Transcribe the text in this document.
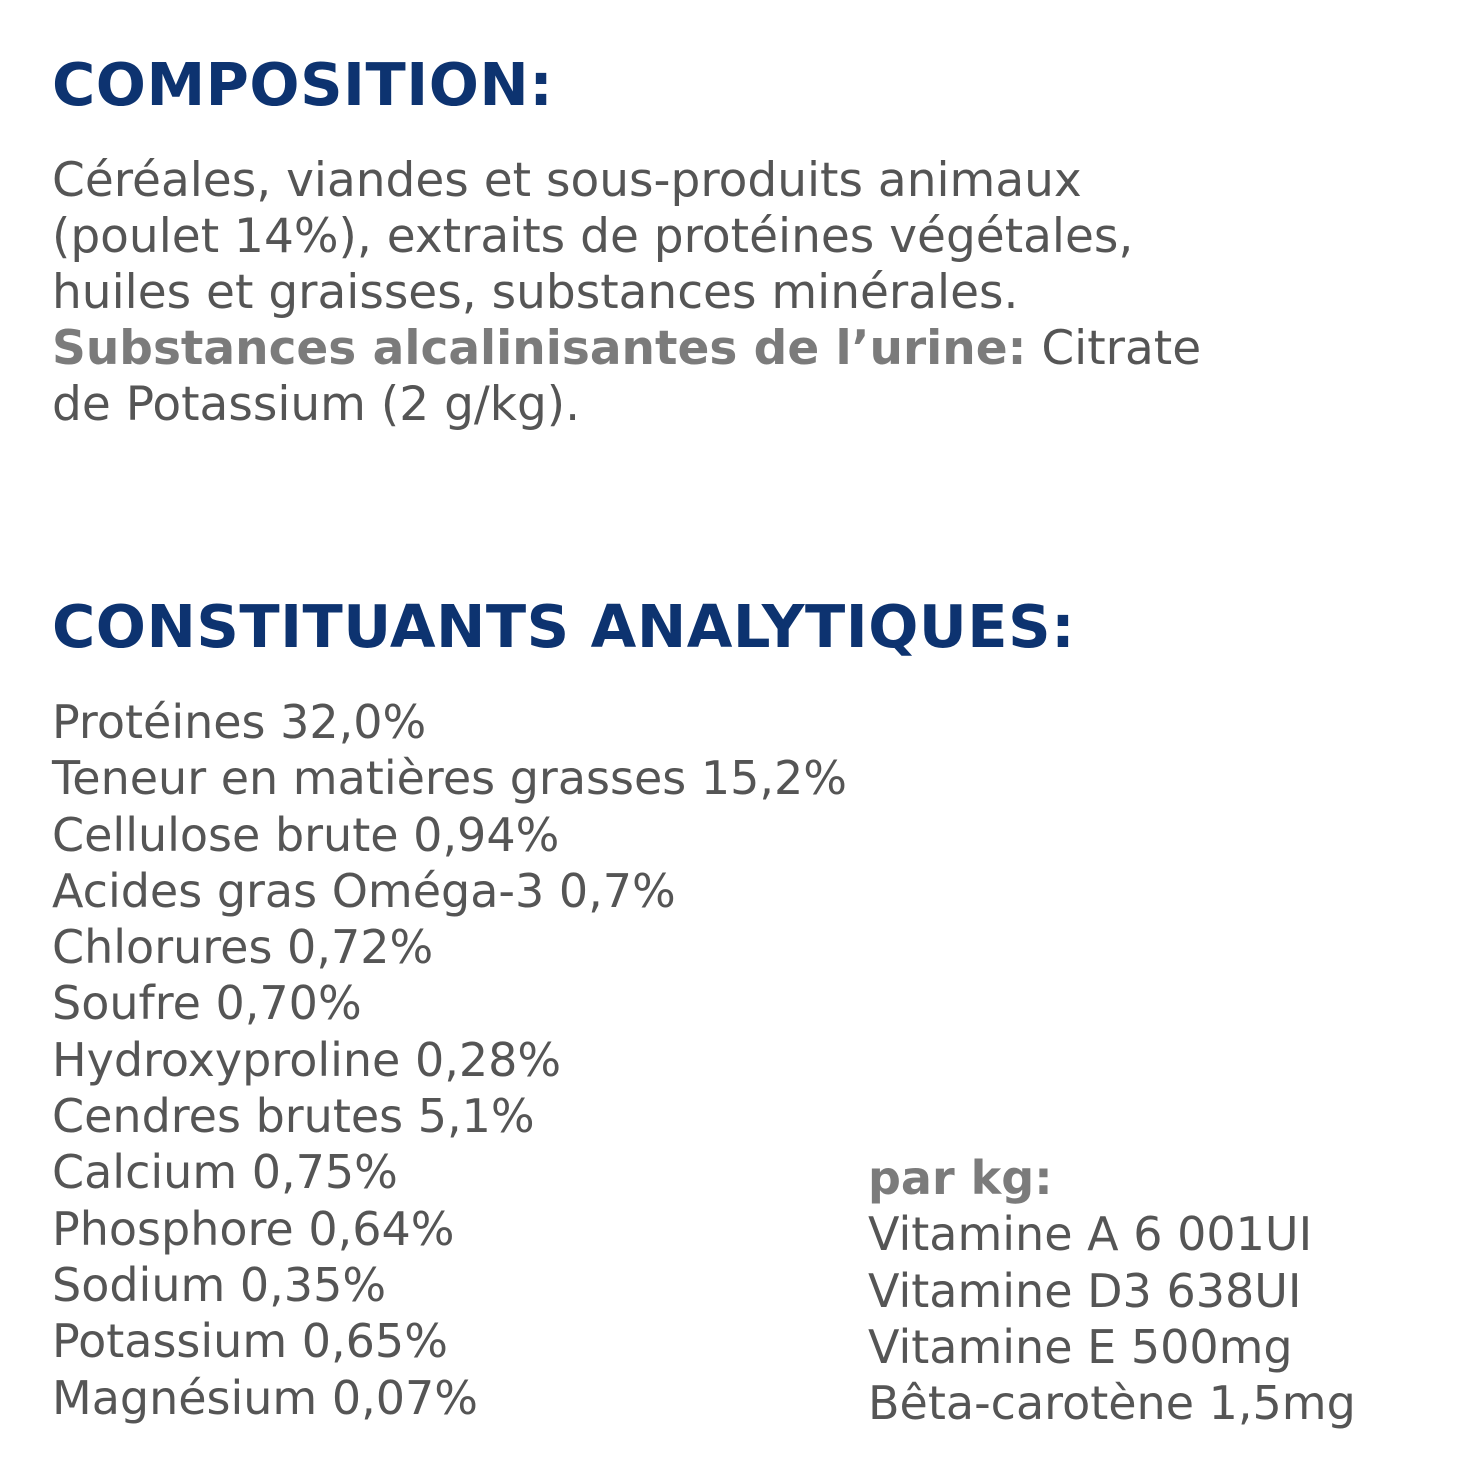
COMPOSITION:

Céréales, viandes et sous-produits animaux
(poulet 14%), extraits de protéines végétales,
huiles et graisses, substances minérales.
Substances alcalinisantes de l’urine: Citrate
de Potassium (2 g/kg).

CONSTITUANTS ANALYTIQUES:
Protéines 32,0%
Teneur en matières grasses 15,2%
Cellulose brute 0,94%
Acides gras Oméga-3 0,7%
Chlorures 0,72%
Soufre 0,70%
Hydroxyproline 0,28%
Cendres brutes 5,1%
Calcium 0,75%
Phosphore 0,64%
Sodium 0,35%
Potassium 0,65%
Magnésium 0,07%
par kg:
Vitamine A 6 001UI
Vitamine D3 638UI
Vitamine E 500mg
Bêta-carotène 1,5mg
